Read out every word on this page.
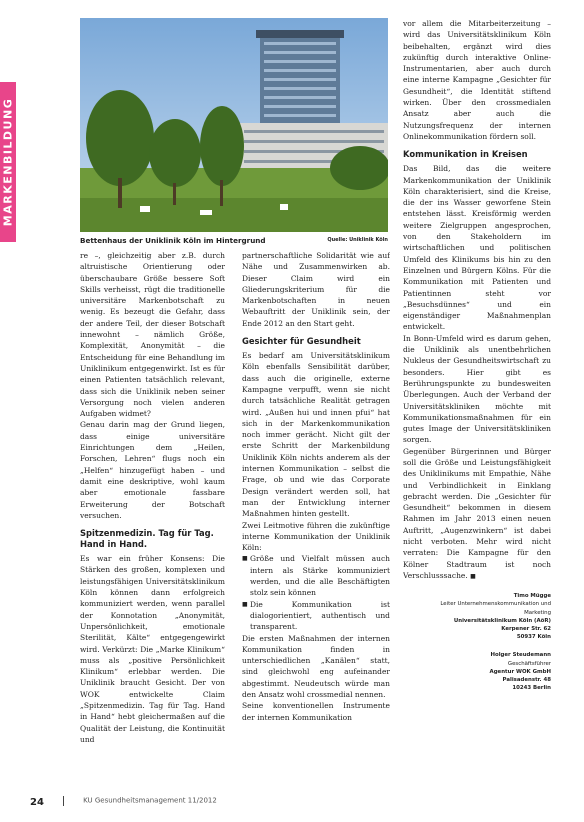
MARKENBILDUNG
Bettenhaus der Uniklinik Köln im Hintergrund	Quelle: Uniklinik Köln

re –, gleichzeitig aber z.B. durch altruistische Orientierung oder überschaubare Größe bessere Soft Skills verheisst, rügt die traditionelle universitäre Markenbotschaft zu wenig. Es bezeugt die Gefahr, dass der andere Teil, der dieser Botschaft innewohnt – nämlich Größe, Komplexität, Anonymität – die Entscheidung für eine Behandlung im Uniklinikum entgegenwirkt. Ist es für einen Patienten tatsächlich relevant, dass sich die Uniklinik neben seiner Versorgung noch vielen anderen Aufgaben widmet?

Genau darin mag der Grund liegen, dass einige universitäre Einrichtungen dem „Heilen, Forschen, Lehren“ flugs noch ein „Helfen“ hinzugefügt haben – und damit eine deskriptive, wohl kaum aber emotionale fassbare Erweiterung der Botschaft versuchen.

Spitzenmedizin. Tag für Tag. Hand in Hand.

Es war ein früher Konsens: Die Stärken des großen, komplexen und leistungsfähigen Universitätsklinikum Köln können dann erfolgreich kommuniziert werden, wenn parallel der Konnotation „Anonymität, Unpersönlichkeit, emotionale Sterilität, Kälte“ entgegengewirkt wird. Verkürzt: Die „Marke Klinikum“ muss als „positive Persönlichkeit Klinikum“ erlebbar werden. Die Uniklinik braucht Gesicht. Der von WOK entwickelte Claim „Spitzenmedizin. Tag für Tag. Hand in Hand“ hebt gleichermaßen auf die Qualität der Leistung, die Kontinuität und

partnerschaftliche Solidarität wie auf Nähe und Zusammenwirken ab. Dieser Claim wird ein Gliederungskriterium für die Markenbotschaften in neuen Webauftritt der Uniklinik sein, der Ende 2012 an den Start geht.

Gesichter für Gesundheit

Es bedarf am Universitätsklinikum Köln ebenfalls Sensibilität darüber, dass auch die originelle, externe Kampagne verpufft, wenn sie nicht durch tatsächliche Realität getragen wird. „Außen hui und innen pfui“ hat sich in der Markenkommunikation noch immer gerächt. Nicht gilt der erste Schritt der Markenbildung Uniklinik Köln nichts anderem als der internen Kommunikation – selbst die Frage, ob und wie das Corporate Design verändert werden soll, hat man der Entwicklung interner Maßnahmen hinten gestellt.

Zwei Leitmotive führen die zukünftige interne Kommunikation der Uniklinik Köln:

■ Größe und Vielfalt müssen auch intern als Stärke kommuniziert werden, und die alle Beschäftigten stolz sein können
■ Die Kommunikation ist dialogorientiert, authentisch und transparent.

Die ersten Maßnahmen der internen Kommunikation finden in unterschiedlichen „Kanälen“ statt, sind gleichwohl eng aufeinander abgestimmt. Neudeutsch würde man den Ansatz wohl crossmedial nennen.

Seine konventionellen Instrumente der internen Kommunikation

vor allem die Mitarbeiterzeitung – wird das Universitätsklinikum Köln beibehalten, ergänzt wird dies zukünftig durch interaktive Online-Instrumentarien, aber auch durch eine interne Kampagne „Gesichter für Gesundheit“, die Identität stiftend wirken. Über den crossmedialen Ansatz aber auch die Nutzungsfrequenz der internen Onlinekommunikation fördern soll.

Kommunikation in Kreisen

Das Bild, das die weitere Markenkommunikation der Uniklinik Köln charakterisiert, sind die Kreise, die der ins Wasser geworfene Stein entstehen lässt. Kreisförmig werden weitere Zielgruppen angesprochen, von den Stakeholdern im wirtschaftlichen und politischen Umfeld des Klinikums bis hin zu den Einzelnen und Bürgern Kölns. Für die Kommunikation mit Patienten und Patientinnen steht vor „Besuchsdünnes“ und ein eigenständiger Maßnahmenplan entwickelt.

In Bonn-Umfeld wird es darum gehen, die Uniklinik als unentbehrlichen Nukleus der Gesundheitswirtschaft zu besonders. Hier gibt es Berührungspunkte zu bundesweiten Überlegungen. Auch der Verband der Universitätskliniken möchte mit Kommunikationsmaßnahmen für ein gutes Image der Universitätskliniken sorgen.

Gegenüber Bürgerinnen und Bürger soll die Größe und Leistungsfähigkeit des Uniklinikums mit Empathie, Nähe und Verbindlichkeit in Einklang gebracht werden. Die „Gesichter für Gesundheit“ bekommen in diesem Rahmen im Jahr 2013 einen neuen Auftritt, „Augenzwinkern“ ist dabei nicht verboten. Mehr wird nicht verraten: Die Kampagne für den Kölner Stadtraum ist noch Verschlusssache. ■

Timo Mügge
Leiter Unternehmenskommunikation und
Marketing
Universitätsklinikum Köln (AöR)
Kerpener Str. 62
50937 Köln
Holger Steudemann
Geschäftsführer
Agentur WOK GmbH
Palisadenstr. 48
10243 Berlin
24	KU Gesundheitsmanagement 11/2012
